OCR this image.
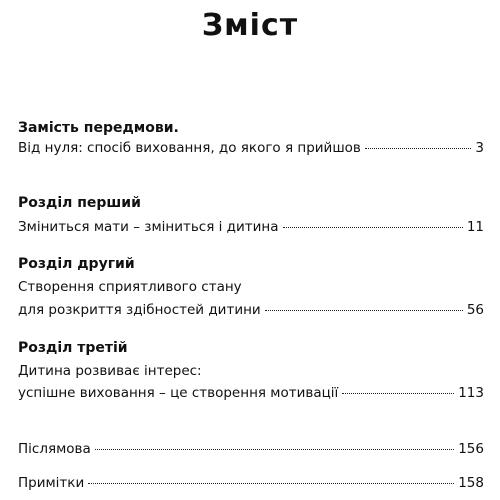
Зміст
Замість передмови.
Від нуля: спосіб виховання, до якого я прийшов	3
Розділ перший
Зміниться мати – зміниться і дитина	11
Розділ другий
Створення сприятливого стану
для розкриття здібностей дитини	56
Розділ третій
Дитина розвиває інтерес:
успішне виховання – це створення мотивації	113
Післямова	156
Примітки	158
